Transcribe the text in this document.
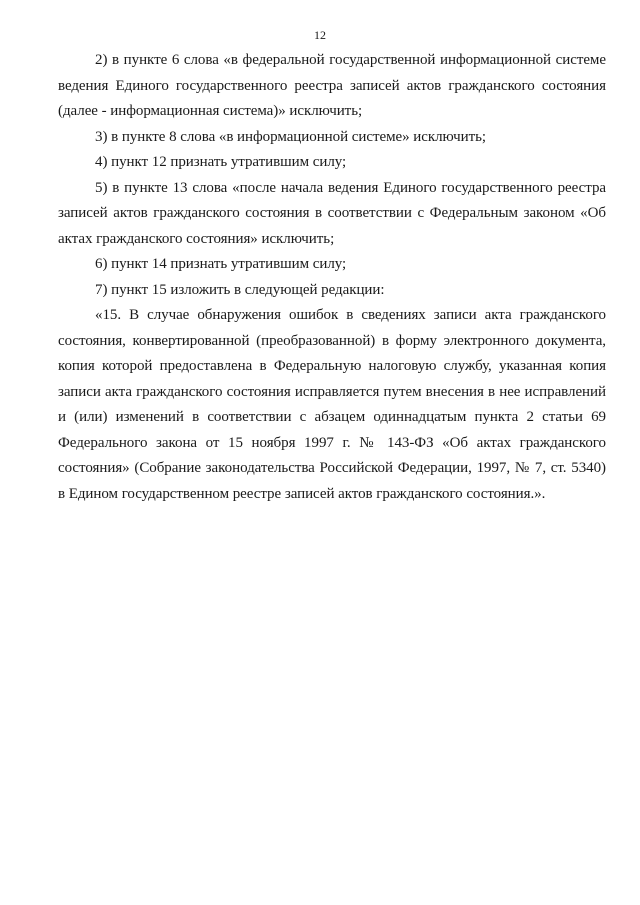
12

2) в пункте 6 слова «в федеральной государственной информационной системе ведения Единого государственного реестра записей актов гражданского состояния (далее - информационная система)» исключить;

3) в пункте 8 слова «в информационной системе» исключить;

4) пункт 12 признать утратившим силу;

5) в пункте 13 слова «после начала ведения Единого государственного реестра записей актов гражданского состояния в соответствии с Федеральным законом «Об актах гражданского состояния» исключить;

6) пункт 14 признать утратившим силу;

7) пункт 15 изложить в следующей редакции:

«15. В случае обнаружения ошибок в сведениях записи акта гражданского состояния, конвертированной (преобразованной) в форму электронного документа, копия которой предоставлена в Федеральную налоговую службу, указанная копия записи акта гражданского состояния исправляется путем внесения в нее исправлений и (или) изменений в соответствии с абзацем одиннадцатым пункта 2 статьи 69 Федерального закона от 15 ноября 1997 г. № 143-ФЗ «Об актах гражданского состояния» (Собрание законодательства Российской Федерации, 1997, № 7, ст. 5340) в Едином государственном реестре записей актов гражданского состояния.».
